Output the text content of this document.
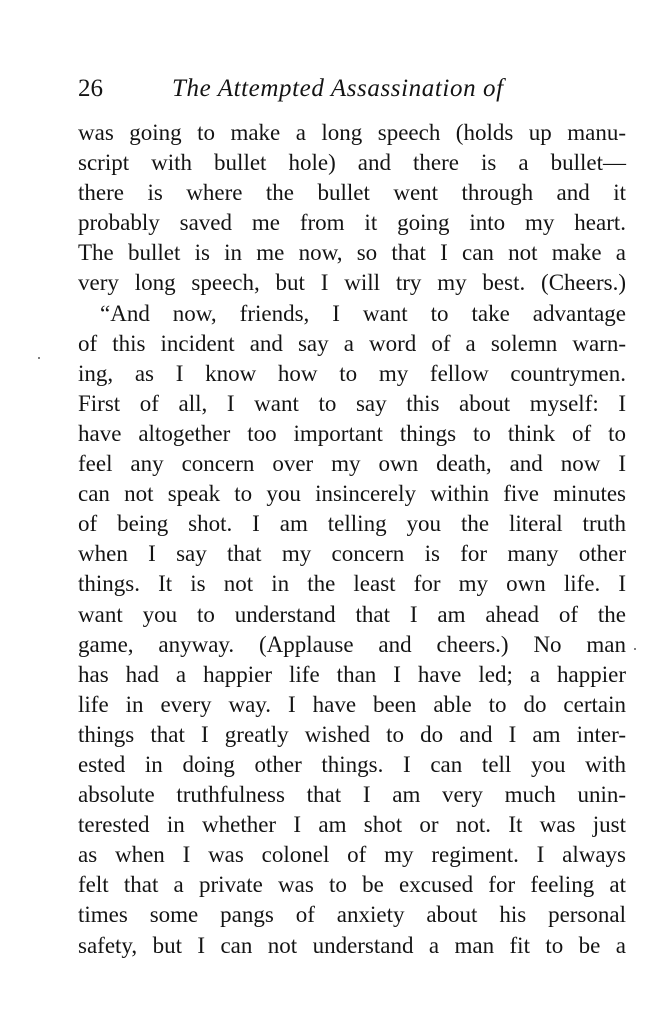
26	The Attempted Assassination of
was going to make a long speech (holds up manu-
script with bullet hole) and there is a bullet—
there is where the bullet went through and it
probably saved me from it going into my heart.
The bullet is in me now, so that I can not make a
very long speech, but I will try my best. (Cheers.)
“And now, friends, I want to take advantage
of this incident and say a word of a solemn warn-
ing, as I know how to my fellow countrymen.
First of all, I want to say this about myself: I
have altogether too important things to think of to
feel any concern over my own death, and now I
can not speak to you insincerely within five minutes
of being shot. I am telling you the literal truth
when I say that my concern is for many other
things. It is not in the least for my own life. I
want you to understand that I am ahead of the
game, anyway. (Applause and cheers.) No man
has had a happier life than I have led; a happier
life in every way. I have been able to do certain
things that I greatly wished to do and I am inter-
ested in doing other things. I can tell you with
absolute truthfulness that I am very much unin-
terested in whether I am shot or not. It was just
as when I was colonel of my regiment. I always
felt that a private was to be excused for feeling at
times some pangs of anxiety about his personal
safety, but I can not understand a man fit to be a
